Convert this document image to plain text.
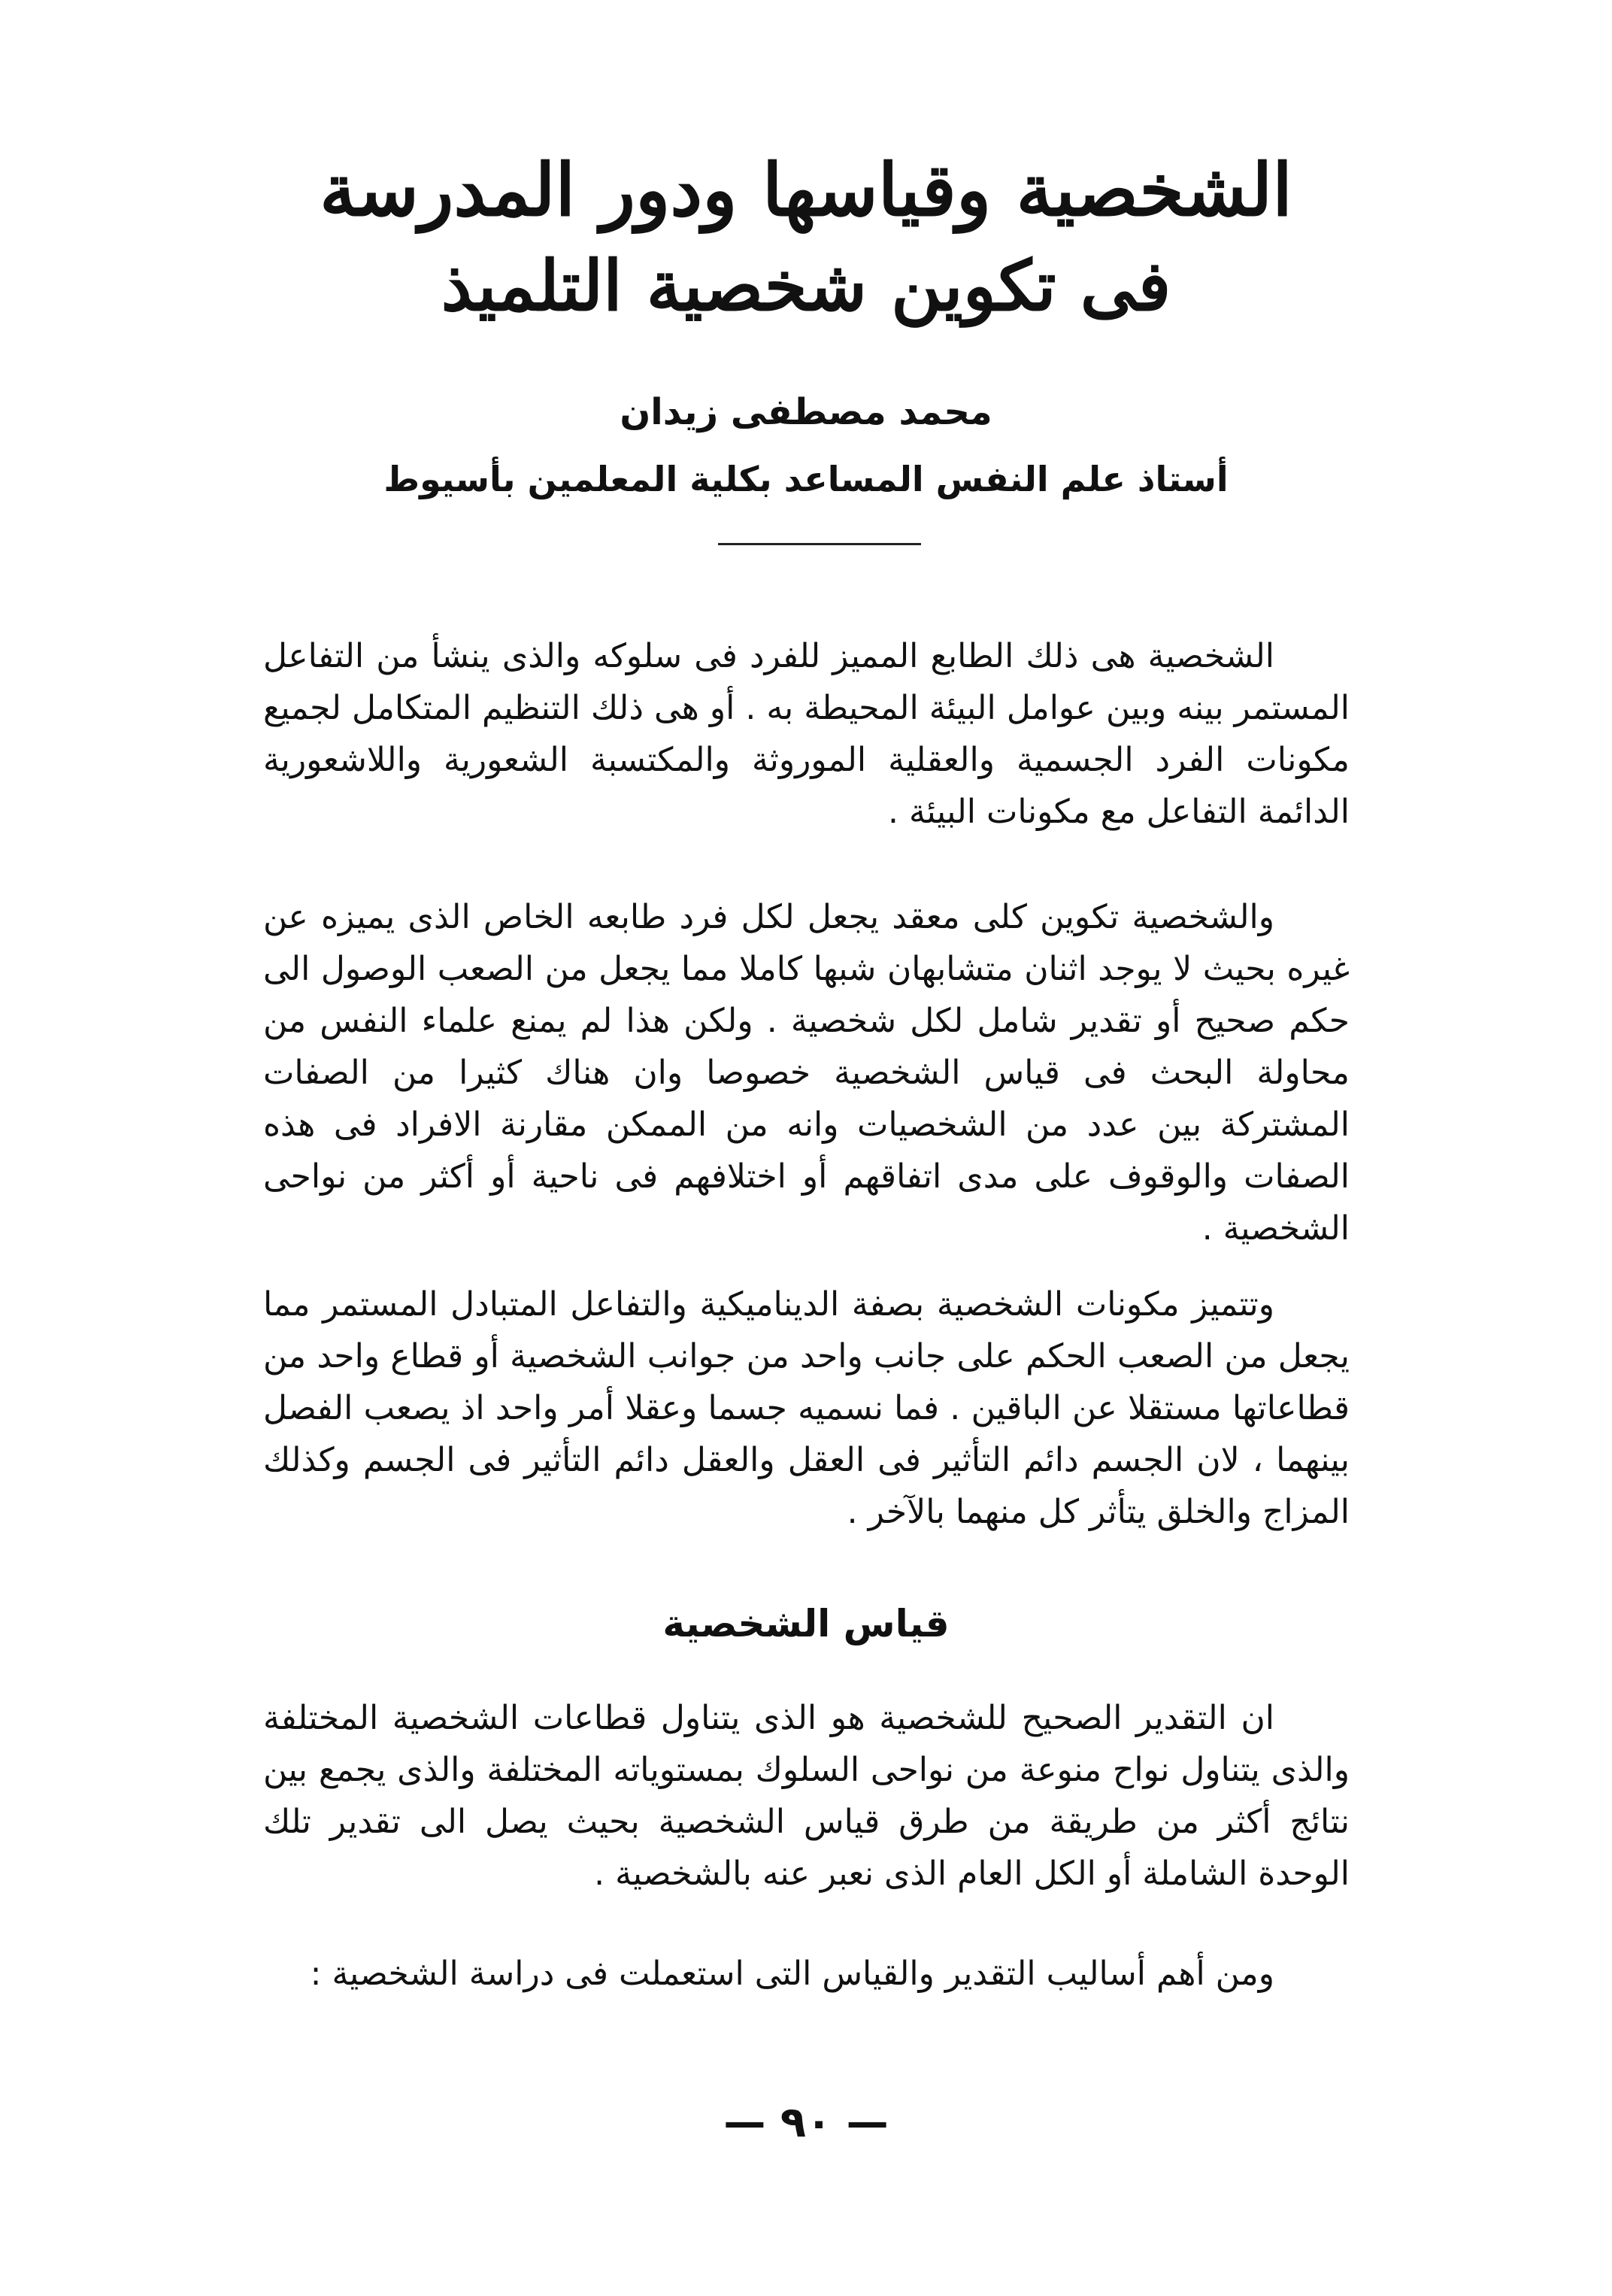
الشخصية وقياسها ودور المدرسة
فى تكوين شخصية التلميذ
محمد مصطفى زيدان
أستاذ علم النفس المساعد بكلية المعلمين بأسيوط

الشخصية هى ذلك الطابع المميز للفرد فى سلوكه والذى ينشأ من التفاعل المستمر بينه وبين عوامل البيئة المحيطة به . أو هى ذلك التنظيم المتكامل لجميع مكونات الفرد الجسمية والعقلية الموروثة والمكتسبة الشعورية واللاشعورية الدائمة التفاعل مع مكونات البيئة .

والشخصية تكوين كلى معقد يجعل لكل فرد طابعه الخاص الذى يميزه عن غيره بحيث لا يوجد اثنان متشابهان شبها كاملا مما يجعل من الصعب الوصول الى حكم صحيح أو تقدير شامل لكل شخصية . ولكن هذا لم يمنع علماء النفس من محاولة البحث فى قياس الشخصية خصوصا وان هناك كثيرا من الصفات المشتركة بين عدد من الشخصيات وانه من الممكن مقارنة الافراد فى هذه الصفات والوقوف على مدى اتفاقهم أو اختلافهم فى ناحية أو أكثر من نواحى الشخصية .

وتتميز مكونات الشخصية بصفة الديناميكية والتفاعل المتبادل المستمر مما يجعل من الصعب الحكم على جانب واحد من جوانب الشخصية أو قطاع واحد من قطاعاتها مستقلا عن الباقين . فما نسميه جسما وعقلا أمر واحد اذ يصعب الفصل بينهما ، لان الجسم دائم التأثير فى العقل والعقل دائم التأثير فى الجسم وكذلك المزاج والخلق يتأثر كل منهما بالآخر .

قياس الشخصية

ان التقدير الصحيح للشخصية هو الذى يتناول قطاعات الشخصية المختلفة والذى يتناول نواح منوعة من نواحى السلوك بمستوياته المختلفة والذى يجمع بين نتائج أكثر من طريقة من طرق قياس الشخصية بحيث يصل الى تقدير تلك الوحدة الشاملة أو الكل العام الذى نعبر عنه بالشخصية .

ومن أهم أساليب التقدير والقياس التى استعملت فى دراسة الشخصية :

— ٩٠ —
